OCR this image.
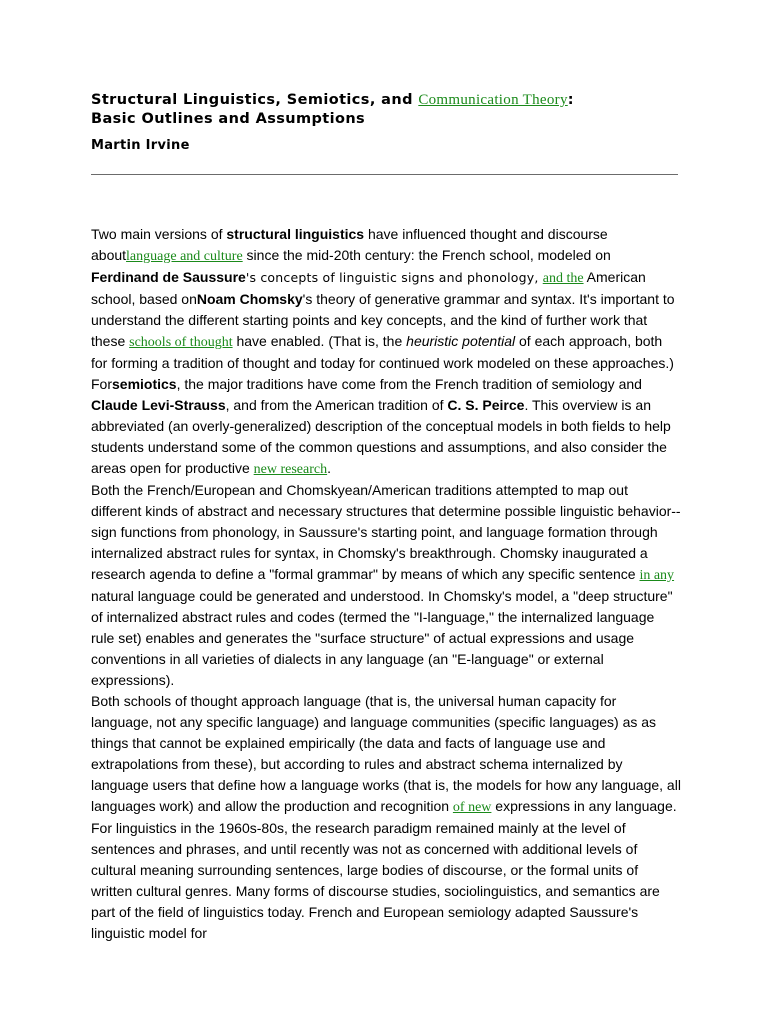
Structural Linguistics, Semiotics, and Communication Theory:
Basic Outlines and Assumptions
Martin Irvine

Two main versions of structural linguistics have influenced thought and discourse aboutlanguage and culture since the mid-20th century: the French school, modeled on Ferdinand de Saussure's concepts of linguistic signs and phonology, and the American school, based onNoam Chomsky's theory of generative grammar and syntax. It's important to understand the different starting points and key concepts, and the kind of further work that these schools of thought have enabled. (That is, the heuristic potential of each approach, both for forming a tradition of thought and today for continued work modeled on these approaches.) Forsemiotics, the major traditions have come from the French tradition of semiology and Claude Levi-Strauss, and from the American tradition of C. S. Peirce. This overview is an abbreviated (an overly-generalized) description of the conceptual models in both fields to help students understand some of the common questions and assumptions, and also consider the areas open for productive new research.

Both the French/European and Chomskyean/American traditions attempted to map out different kinds of abstract and necessary structures that determine possible linguistic behavior--sign functions from phonology, in Saussure's starting point, and language formation through internalized abstract rules for syntax, in Chomsky's breakthrough. Chomsky inaugurated a research agenda to define a "formal grammar" by means of which any specific sentence in any natural language could be generated and understood. In Chomsky's model, a "deep structure" of internalized abstract rules and codes (termed the "I-language," the internalized language rule set) enables and generates the "surface structure" of actual expressions and usage conventions in all varieties of dialects in any language (an "E-language" or external expressions).

Both schools of thought approach language (that is, the universal human capacity for language, not any specific language) and language communities (specific languages) as as things that cannot be explained empirically (the data and facts of language use and extrapolations from these), but according to rules and abstract schema internalized by language users that define how a language works (that is, the models for how any language, all languages work) and allow the production and recognition of new expressions in any language.

For linguistics in the 1960s-80s, the research paradigm remained mainly at the level of sentences and phrases, and until recently was not as concerned with additional levels of cultural meaning surrounding sentences, large bodies of discourse, or the formal units of written cultural genres. Many forms of discourse studies, sociolinguistics, and semantics are part of the field of linguistics today. French and European semiology adapted Saussure's linguistic model for
